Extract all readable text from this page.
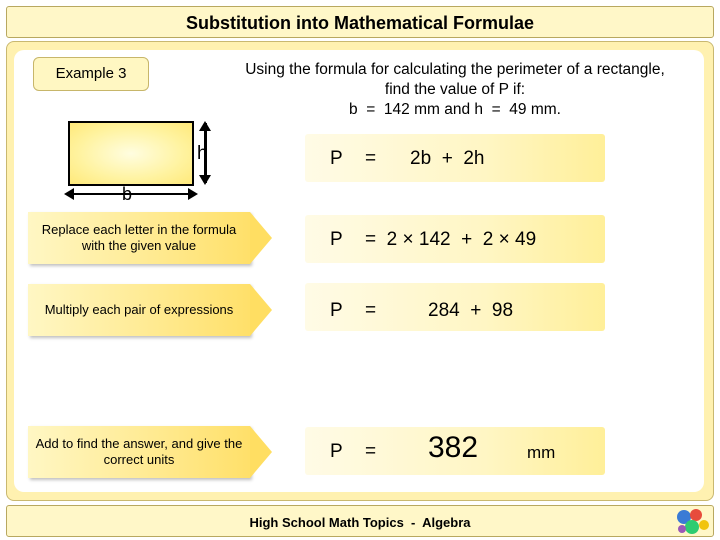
Substitution into Mathematical Formulae
Example 3	Using the formula for calculating the perimeter of a rectangle,
find the value of P if:
b  =  142 mm and h  =  49 mm.
b
h	P = 2b  +  2h
Replace each letter in the formula with the given value	P =  2 × 142  +  2 × 49
Multiply each pair of expressions	P =	284  +  98
Add to find the answer, and give the correct units	P = 382	mm
High School Math Topics  -  Algebra
